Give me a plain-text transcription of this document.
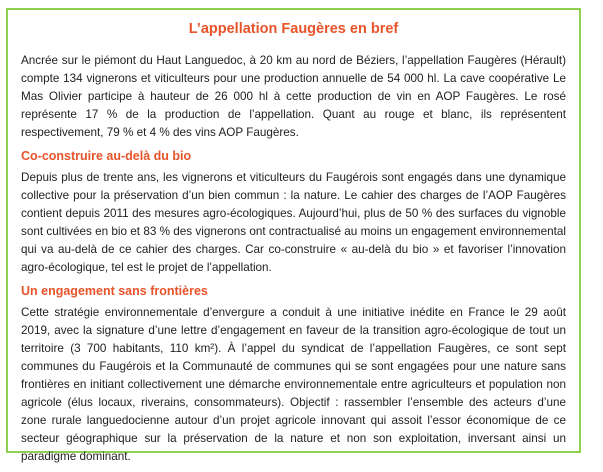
L’appellation Faugères en bref

Ancrée sur le piémont du Haut Languedoc, à 20 km au nord de Béziers, l’appellation Faugères (Hérault) compte 134 vignerons et viticulteurs pour une production annuelle de 54 000 hl. La cave coopérative Le Mas Olivier participe à hauteur de 26 000 hl à cette production de vin en AOP Faugères. Le rosé représente 17 % de la production de l’appellation. Quant au rouge et blanc, ils représentent respectivement, 79 % et 4 % des vins AOP Faugères.

Co-construire au-delà du bio

Depuis plus de trente ans, les vignerons et viticulteurs du Faugérois sont engagés dans une dynamique collective pour la préservation d’un bien commun : la nature. Le cahier des charges de l’AOP Faugères contient depuis 2011 des mesures agro-écologiques. Aujourd’hui, plus de 50 % des surfaces du vignoble sont cultivées en bio et 83 % des vignerons ont contractualisé au moins un engagement environnemental qui va au-delà de ce cahier des charges. Car co-construire « au-delà du bio » et favoriser l’innovation agro-écologique, tel est le projet de l’appellation.

Un engagement sans frontières

Cette stratégie environnementale d’envergure a conduit à une initiative inédite en France le 29 août 2019, avec la signature d’une lettre d’engagement en faveur de la transition agro-écologique de tout un territoire (3 700 habitants, 110 km²). À l’appel du syndicat de l’appellation Faugères, ce sont sept communes du Faugérois et la Communauté de communes qui se sont engagées pour une nature sans frontières en initiant collectivement une démarche environnementale entre agriculteurs et population non agricole (élus locaux, riverains, consommateurs). Objectif : rassembler l’ensemble des acteurs d’une zone rurale languedocienne autour d’un projet agricole innovant qui assoit l’essor économique de ce secteur géographique sur la préservation de la nature et non son exploitation, inversant ainsi un paradigme dominant.
